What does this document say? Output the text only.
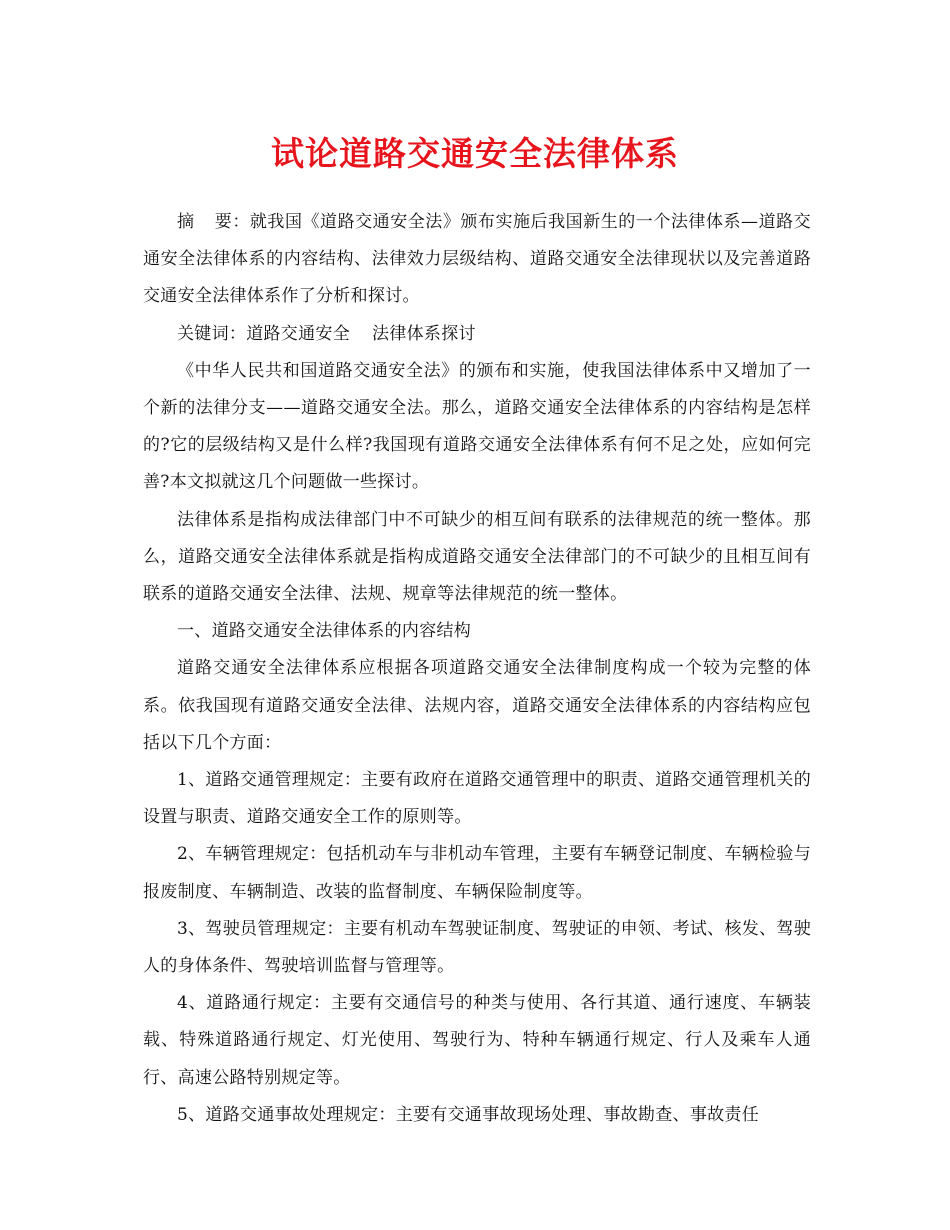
试论道路交通安全法律体系

摘 要：就我国《道路交通安全法》颁布实施后我国新生的一个法律体系—道路交通安全法律体系的内容结构、法律效力层级结构、道路交通安全法律现状以及完善道路交通安全法律体系作了分析和探讨。

关键词：道路交通安全 法律体系探讨

《中华人民共和国道路交通安全法》的颁布和实施，使我国法律体系中又增加了一个新的法律分支——道路交通安全法。那么，道路交通安全法律体系的内容结构是怎样的?它的层级结构又是什么样?我国现有道路交通安全法律体系有何不足之处，应如何完善?本文拟就这几个问题做一些探讨。

法律体系是指构成法律部门中不可缺少的相互间有联系的法律规范的统一整体。那么，道路交通安全法律体系就是指构成道路交通安全法律部门的不可缺少的且相互间有联系的道路交通安全法律、法规、规章等法律规范的统一整体。

一、道路交通安全法律体系的内容结构

道路交通安全法律体系应根据各项道路交通安全法律制度构成一个较为完整的体系。依我国现有道路交通安全法律、法规内容，道路交通安全法律体系的内容结构应包括以下几个方面：

1、道路交通管理规定：主要有政府在道路交通管理中的职责、道路交通管理机关的设置与职责、道路交通安全工作的原则等。

2、车辆管理规定：包括机动车与非机动车管理，主要有车辆登记制度、车辆检验与报废制度、车辆制造、改装的监督制度、车辆保险制度等。

3、驾驶员管理规定：主要有机动车驾驶证制度、驾驶证的申领、考试、核发、驾驶人的身体条件、驾驶培训监督与管理等。

4、道路通行规定：主要有交通信号的种类与使用、各行其道、通行速度、车辆装载、特殊道路通行规定、灯光使用、驾驶行为、特种车辆通行规定、行人及乘车人通行、高速公路特别规定等。

5、道路交通事故处理规定：主要有交通事故现场处理、事故勘查、事故责任
